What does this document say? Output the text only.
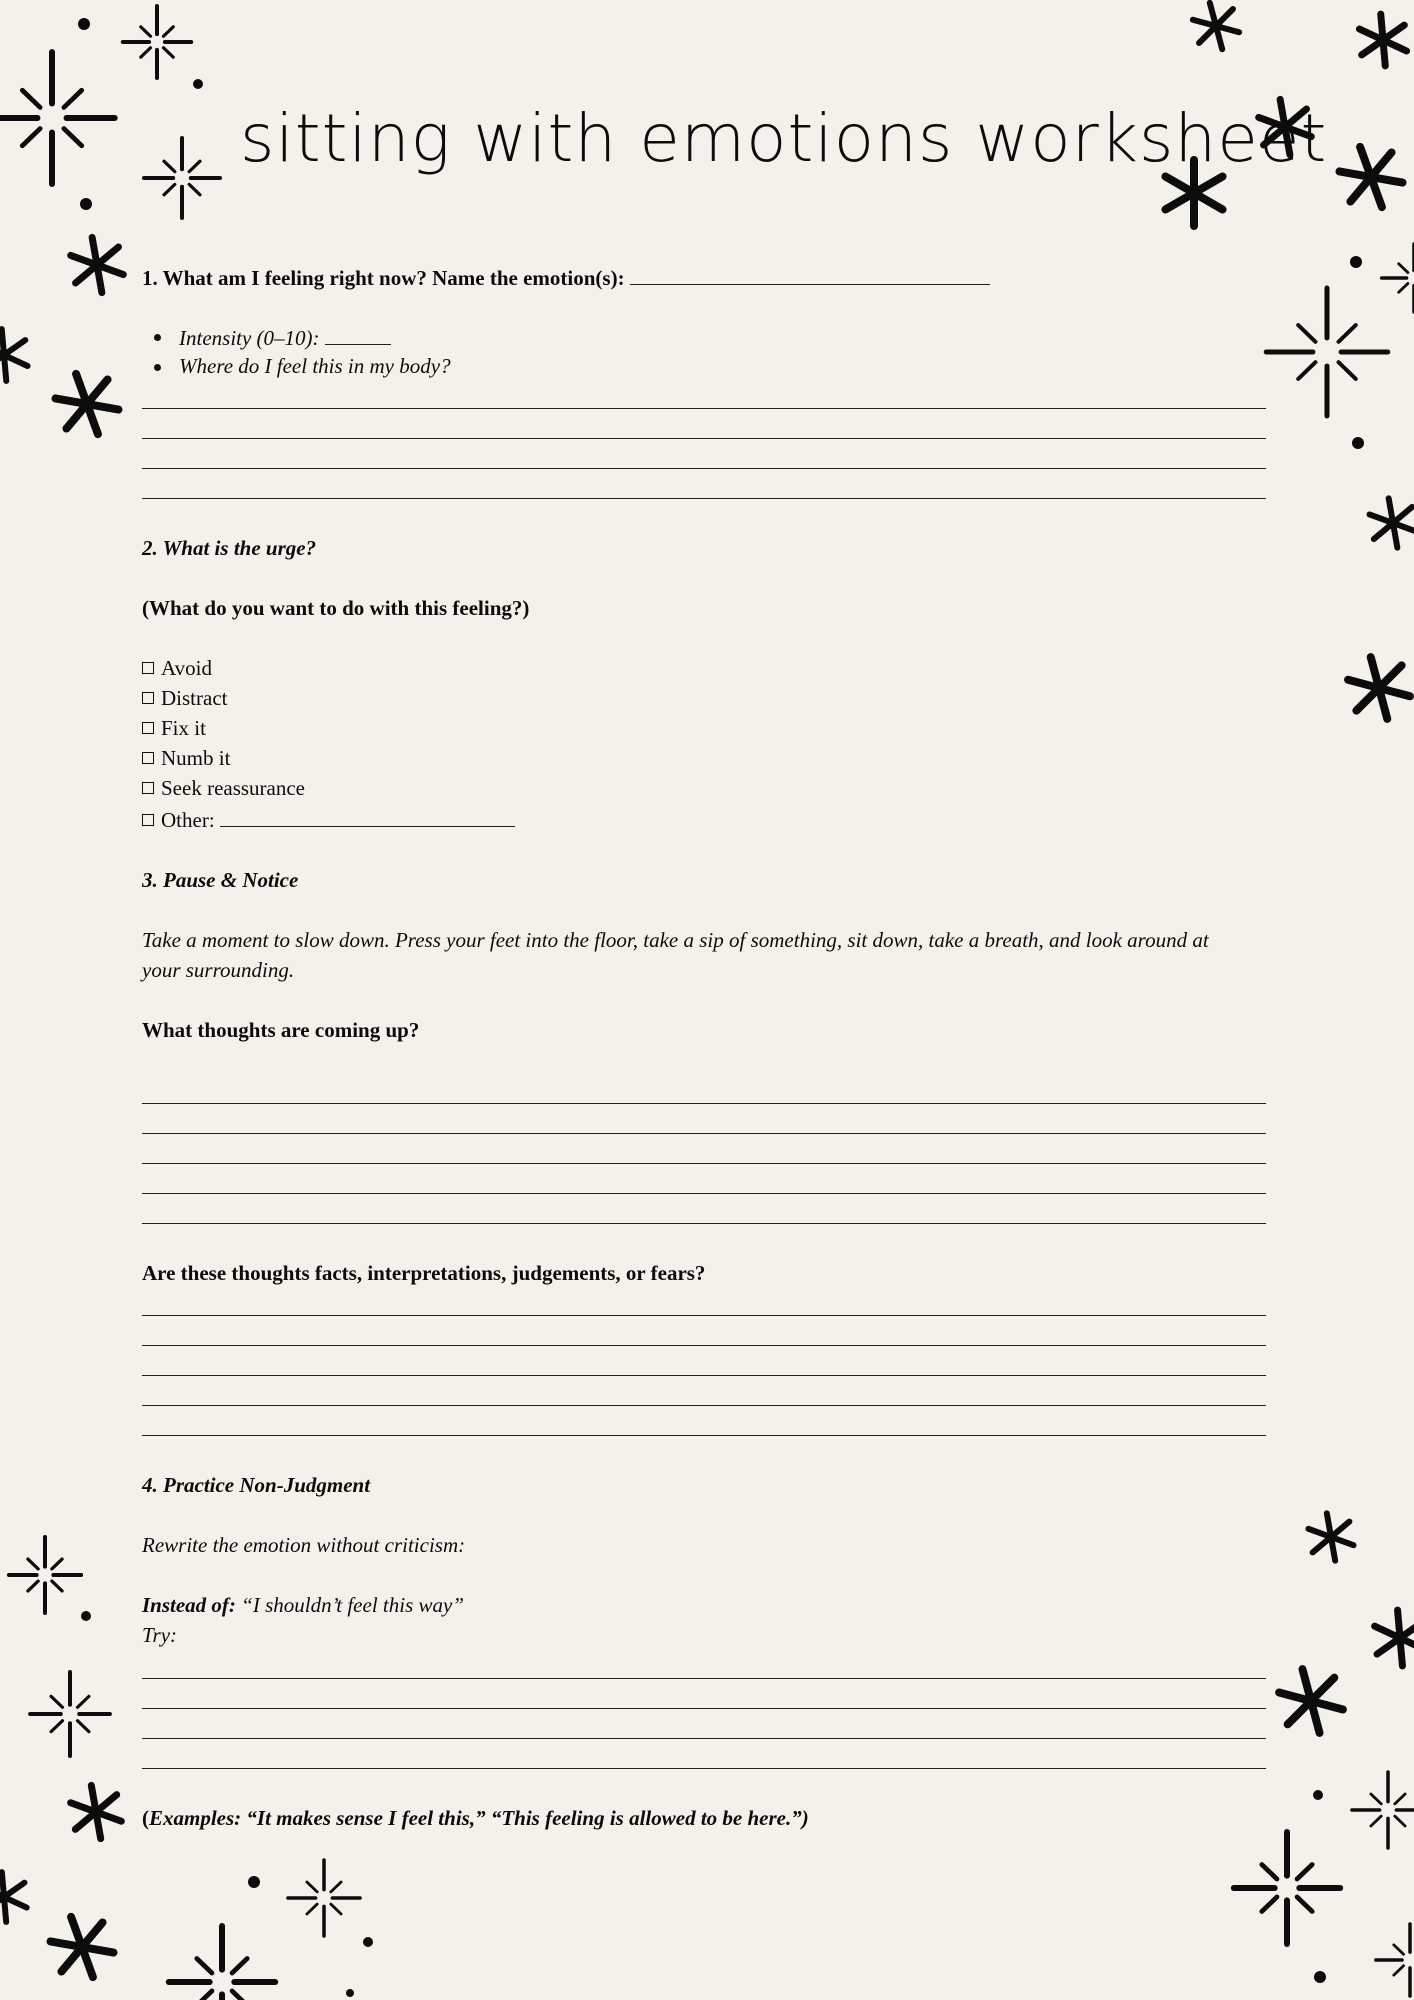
sitting with emotions worksheet
1. What am I feeling right now? Name the emotion(s):
Intensity (0–10):
Where do I feel this in my body?
2. What is the urge?
(What do you want to do with this feeling?)
Avoid
Distract
Fix it
Numb it
Seek reassurance
Other:
3. Pause & Notice
Take a moment to slow down. Press your feet into the floor, take a sip of something, sit down, take a breath, and look around at
your surrounding.
What thoughts are coming up?
Are these thoughts facts, interpretations, judgements, or fears?
4. Practice Non-Judgment
Rewrite the emotion without criticism:
Instead of: “I shouldn’t feel this way”
Try:
(Examples: “It makes sense I feel this,” “This feeling is allowed to be here.”)
